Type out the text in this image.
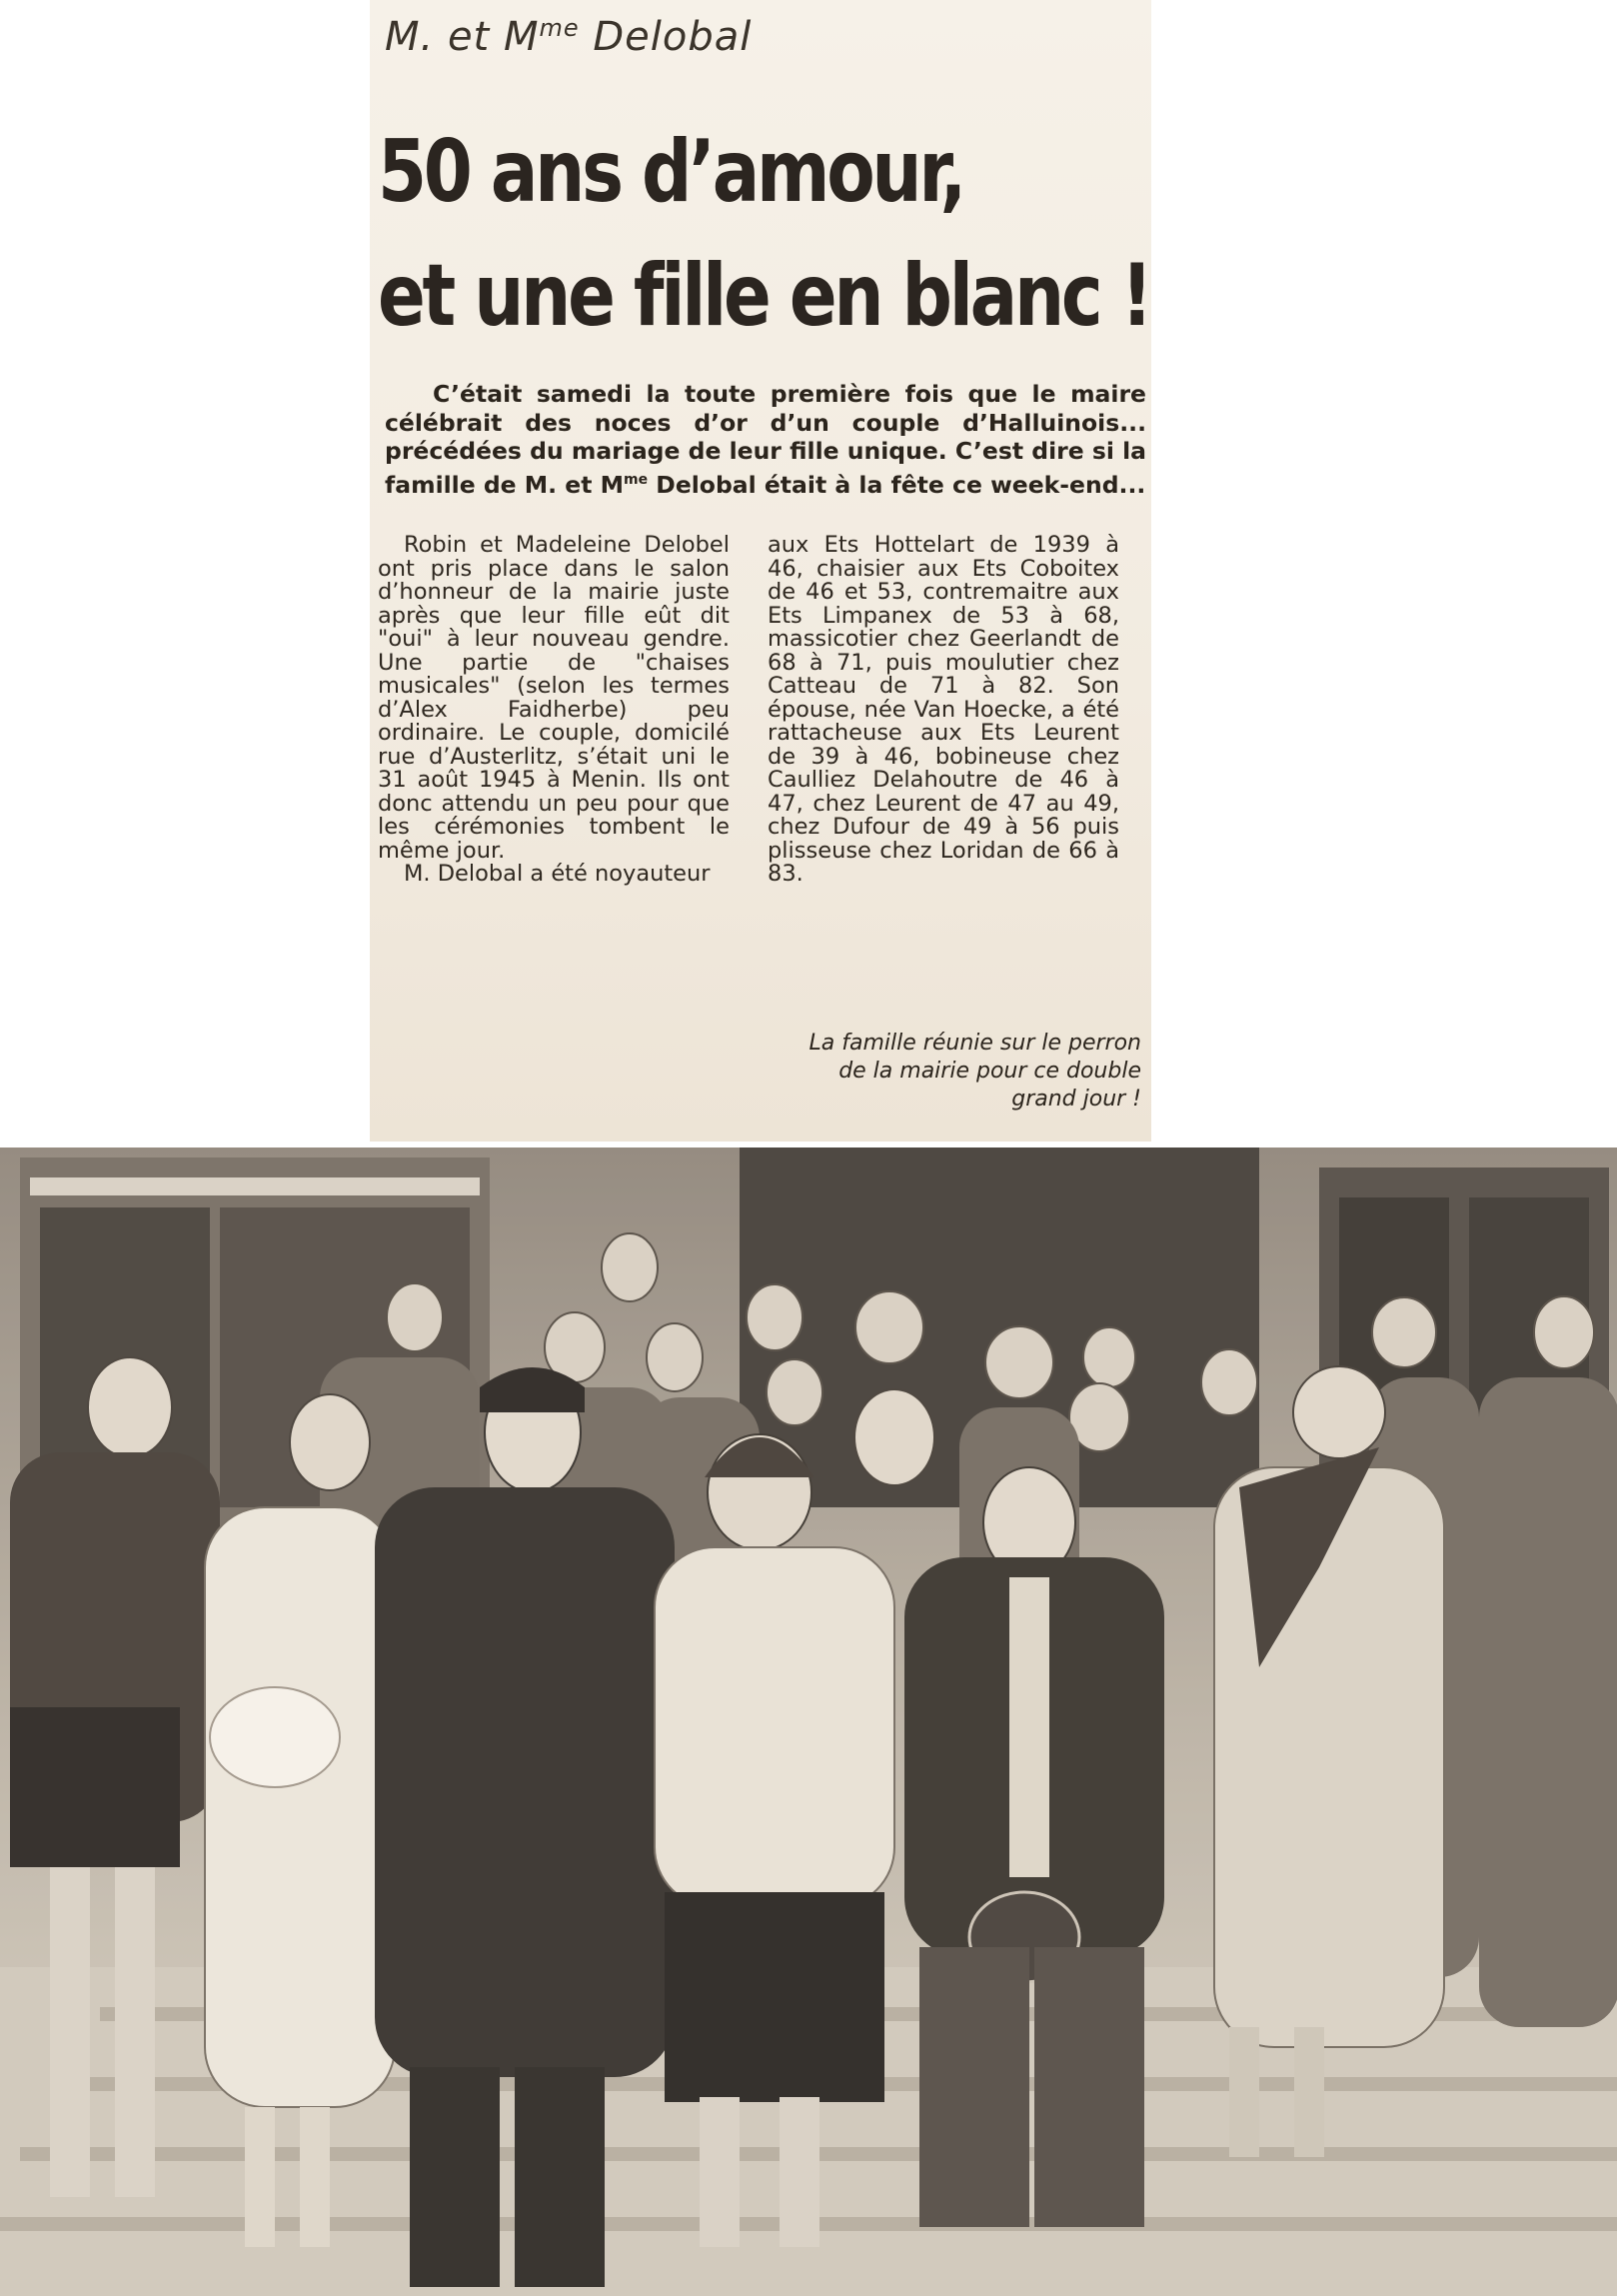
M. et $M^{me}$ Delobal
50 ans d’amour,
et une fille en blanc !
C’était samedi la toute première fois que le maire célébrait des noces d’or d’un couple d’Halluinois... précédées du mariage de leur fille unique. C’est dire si la famille de M. et $M^{me}$ Delobal était à la fête ce week-end...

Robin et Madeleine Delobel ont pris place dans le salon d’honneur de la mairie juste après que leur fille eût dit "oui" à leur nouveau gendre. Une partie de "chaises musicales" (selon les termes d’Alex Faidherbe) peu ordinaire. Le couple, domicilé rue d’Austerlitz, s’était uni le 31 août 1945 à Menin. Ils ont donc attendu un peu pour que les cérémonies tombent le même jour.

M. Delobal a été noyauteur

aux Ets Hottelart de 1939 à 46, chaisier aux Ets Coboitex de 46 et 53, contremaitre aux Ets Limpanex de 53 à 68, massicotier chez Geerlandt de 68 à 71, puis moulutier chez Catteau de 71 à 82. Son épouse, née Van Hoecke, a été rattacheuse aux Ets Leurent de 39 à 46, bobineuse chez Caulliez Delahoutre de 46 à 47, chez Leurent de 47 au 49, chez Dufour de 49 à 56 puis plisseuse chez Loridan de 66 à 83.

La famille réunie sur le perron de la mairie pour ce double grand jour !
